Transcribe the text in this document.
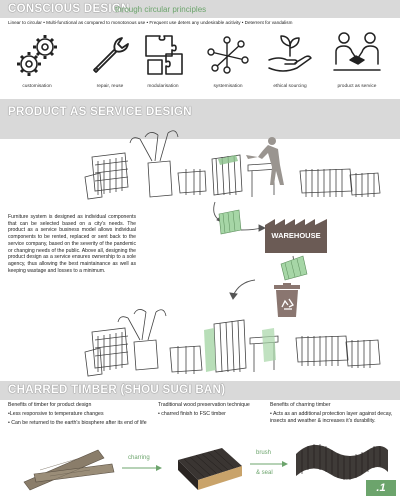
CONSCIOUS DESIGN
through circular principles
Linear to circular • Multi-functional as compared to monotonous use • Frequent use deters any undesirable acitivity • Deterrent for vandalism
customisation	repair, reuse	modularisation	systemisation	ethical sourcing	product as service
PRODUCT AS SERVICE DESIGN
Furniture system is designed as individual components that can be selected based on a city's needs. The product as a service business model allows individual components to be rented, replaced or sent back to the service company, based on the severity of the pandemic or changing needs of the public. Above all, designing the product design as a service ensures ownership to a sole agency, thus allowing the best maintainance as well as keeping wastage and losses to a minimum.
WAREHOUSE
CHARRED TIMBER (SHOU SUGI BAN)
Benefits of timber for product design
•Less responsive to temperature changes
• Can be returned to the earth's biosphere after its end of life
Traditional wood preservation technique
• charred finish to FSC timber
Benefits of charring timber
• Acts as an additional protection layer against decay, insects and weather & increases it's durability.
charring
brush
& seal
.1
